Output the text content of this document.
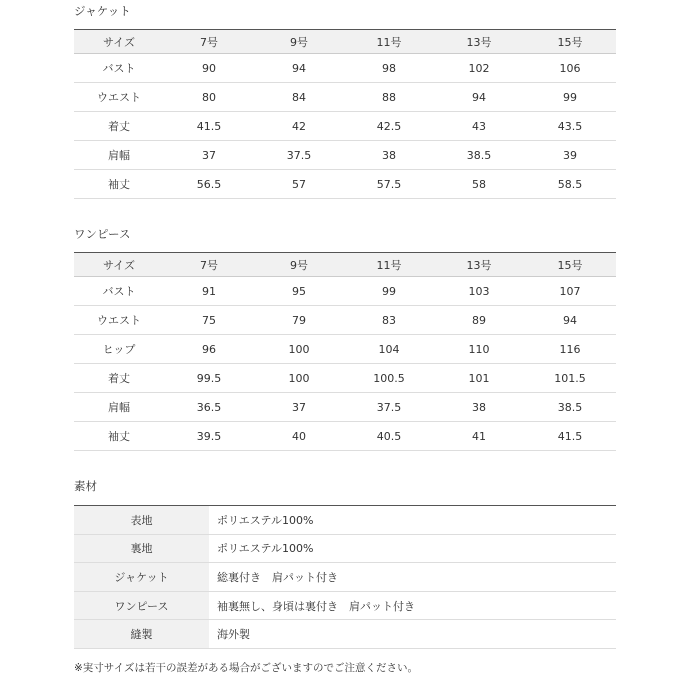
ジャケット
サイズ	7号	9号	11号	13号	15号
バスト	90	94	98	102	106
ウエスト	80	84	88	94	99
着丈	41.5	42	42.5	43	43.5
肩幅	37	37.5	38	38.5	39
袖丈	56.5	57	57.5	58	58.5
ワンピース
サイズ	7号	9号	11号	13号	15号
バスト	91	95	99	103	107
ウエスト	75	79	83	89	94
ヒップ	96	100	104	110	116
着丈	99.5	100	100.5	101	101.5
肩幅	36.5	37	37.5	38	38.5
袖丈	39.5	40	40.5	41	41.5
素材
表地	ポリエステル100%
裏地	ポリエステル100%
ジャケット	総裏付き　肩パット付き
ワンピース	袖裏無し、身頃は裏付き　肩パット付き
縫製	海外製
※実寸サイズは若干の誤差がある場合がございますのでご注意ください。
